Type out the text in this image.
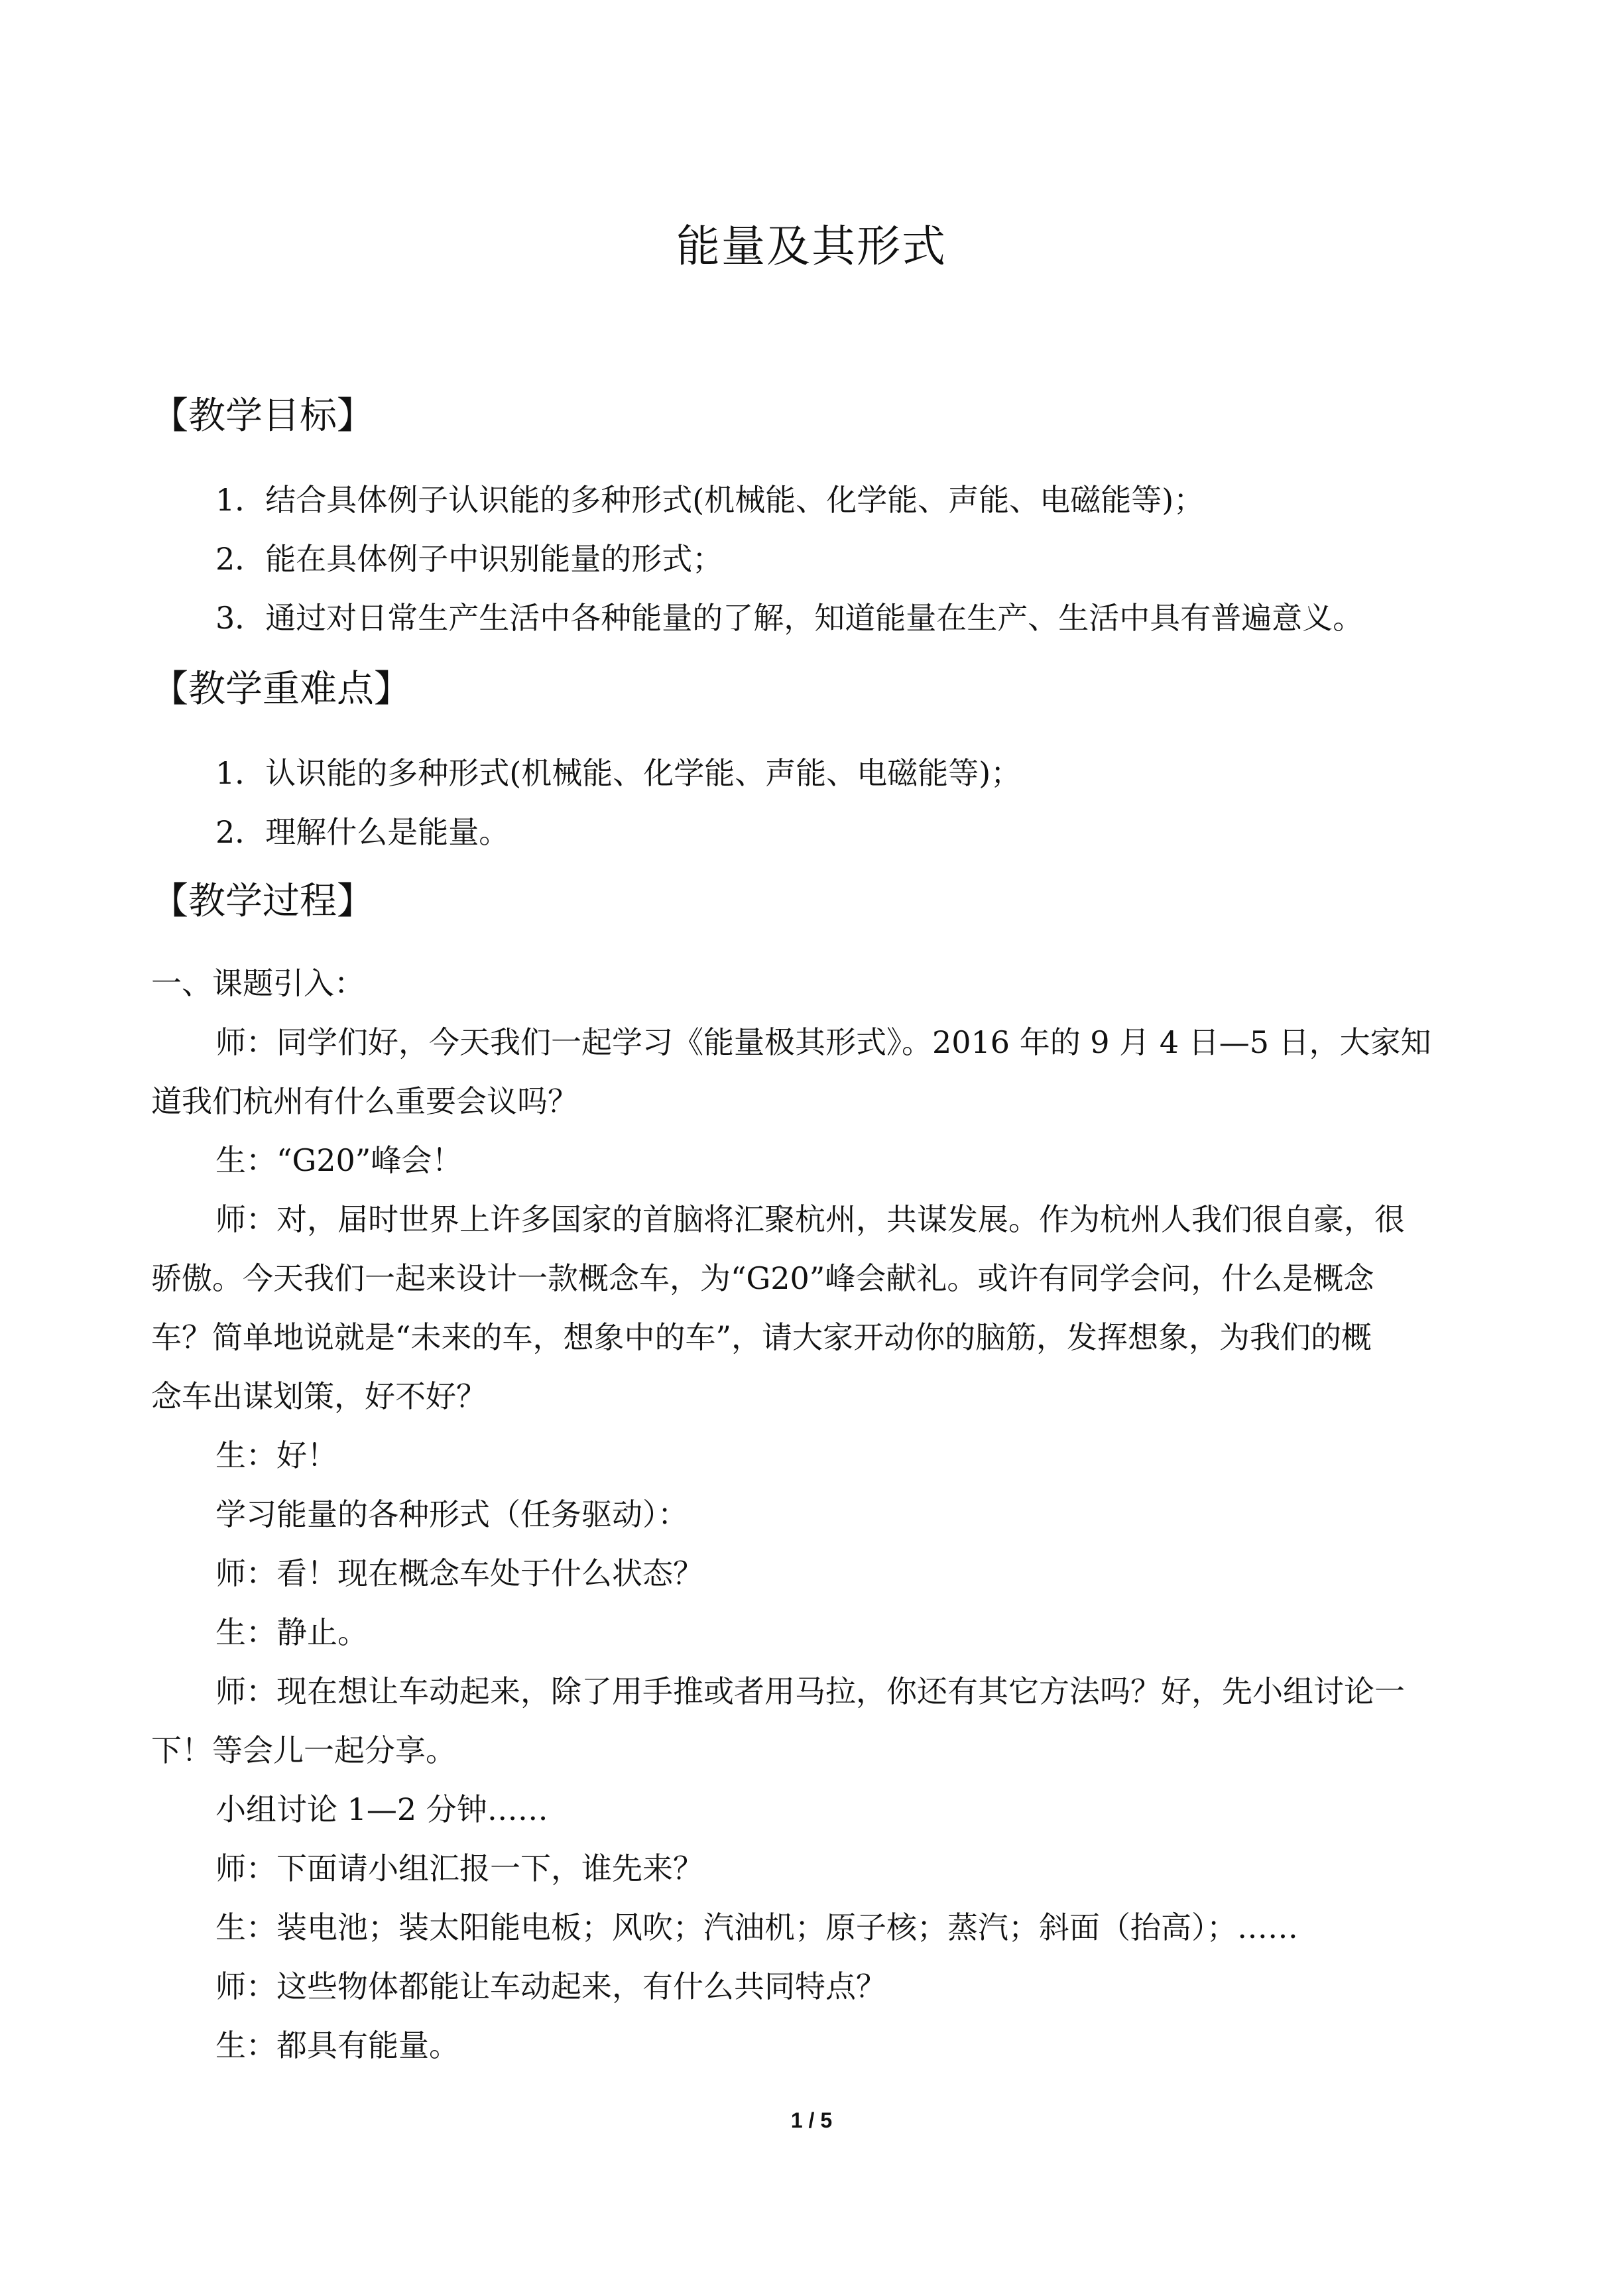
能量及其形式
【教学目标】
1．结合具体例子认识能的多种形式(机械能、化学能、声能、电磁能等)；
2．能在具体例子中识别能量的形式；
3．通过对日常生产生活中各种能量的了解，知道能量在生产、生活中具有普遍意义。
【教学重难点】
1．认识能的多种形式(机械能、化学能、声能、电磁能等)；
2．理解什么是能量。
【教学过程】
一、课题引入：
师：同学们好，今天我们一起学习《能量极其形式》。2016 年的 9 月 4 日—5 日，大家知
道我们杭州有什么重要会议吗？
生：“G20”峰会！
师：对，届时世界上许多国家的首脑将汇聚杭州，共谋发展。作为杭州人我们很自豪，很
骄傲。今天我们一起来设计一款概念车，为“G20”峰会献礼。或许有同学会问，什么是概念
车？简单地说就是“未来的车，想象中的车”，请大家开动你的脑筋，发挥想象，为我们的概
念车出谋划策，好不好？
生：好！
学习能量的各种形式（任务驱动）：
师：看！现在概念车处于什么状态？
生：静止。
师：现在想让车动起来，除了用手推或者用马拉，你还有其它方法吗？好，先小组讨论一
下！等会儿一起分享。
小组讨论 1—2 分钟……
师：下面请小组汇报一下，谁先来？
生：装电池；装太阳能电板；风吹；汽油机；原子核；蒸汽；斜面（抬高）；……
师：这些物体都能让车动起来，有什么共同特点？
生：都具有能量。
1 / 5
